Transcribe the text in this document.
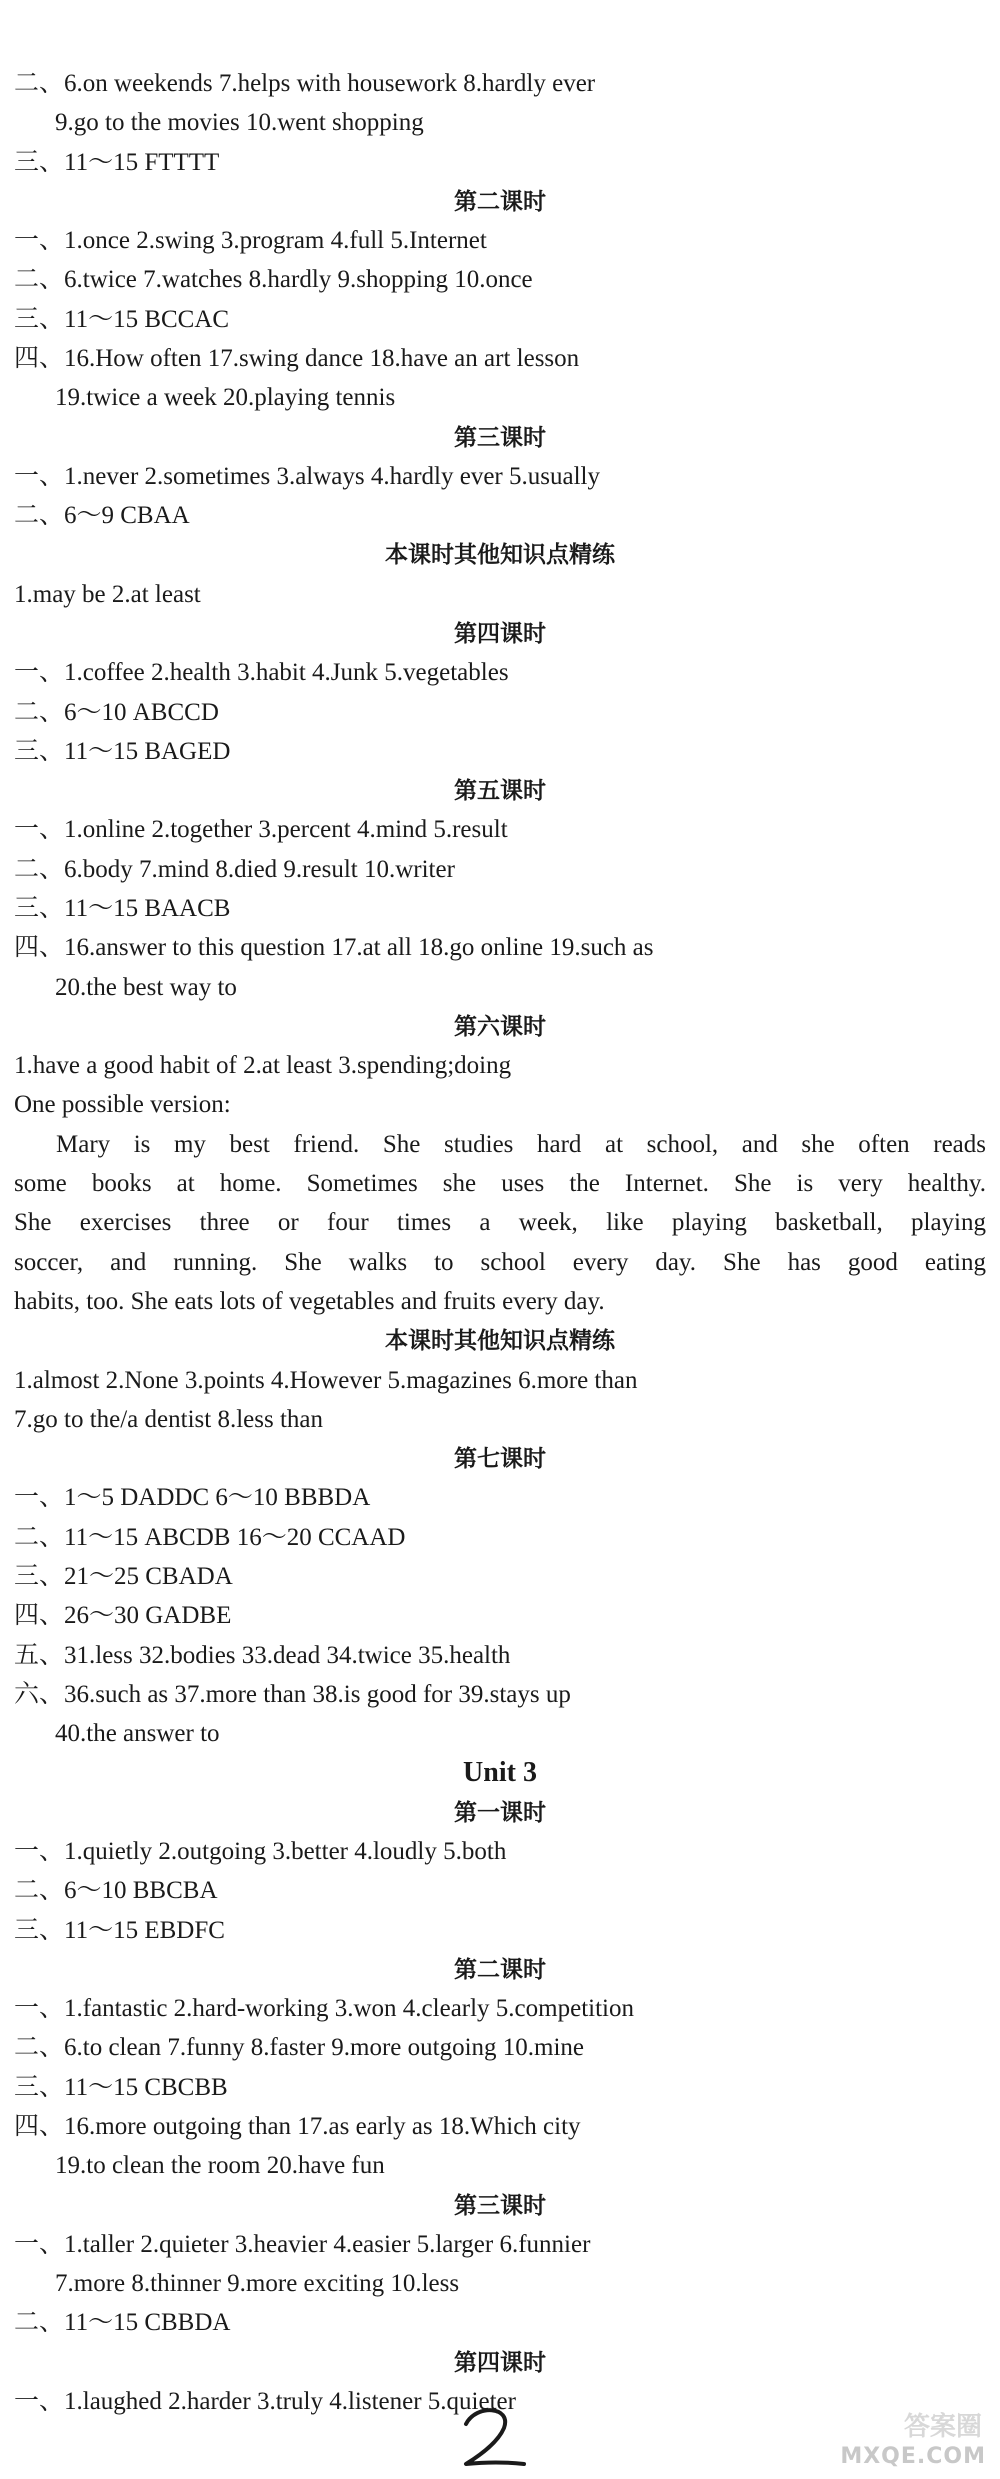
二、6.on weekends 7.helps with housework 8.hardly ever
9.go to the movies 10.went shopping
三、11～15 FTTTT
第二课时
一、1.once 2.swing 3.program 4.full 5.Internet
二、6.twice 7.watches 8.hardly 9.shopping 10.once
三、11～15 BCCAC
四、16.How often 17.swing dance 18.have an art lesson
19.twice a week 20.playing tennis
第三课时
一、1.never 2.sometimes 3.always 4.hardly ever 5.usually
二、6～9 CBAA
本课时其他知识点精练
1.may be 2.at least
第四课时
一、1.coffee 2.health 3.habit 4.Junk 5.vegetables
二、6～10 ABCCD
三、11～15 BAGED
第五课时
一、1.online 2.together 3.percent 4.mind 5.result
二、6.body 7.mind 8.died 9.result 10.writer
三、11～15 BAACB
四、16.answer to this question 17.at all 18.go online 19.such as
20.the best way to
第六课时
1.have a good habit of 2.at least 3.spending;doing
One possible version:
Mary is my best friend. She studies hard at school, and she often reads
some books at home. Sometimes she uses the Internet. She is very healthy.
She exercises three or four times a week, like playing basketball, playing
soccer, and running. She walks to school every day. She has good eating
habits, too. She eats lots of vegetables and fruits every day.
本课时其他知识点精练
1.almost 2.None 3.points 4.However 5.magazines 6.more than
7.go to the/a dentist 8.less than
第七课时
一、1～5 DADDC 6～10 BBBDA
二、11～15 ABCDB 16～20 CCAAD
三、21～25 CBADA
四、26～30 GADBE
五、31.less 32.bodies 33.dead 34.twice 35.health
六、36.such as 37.more than 38.is good for 39.stays up
40.the answer to
Unit 3
第一课时
一、1.quietly 2.outgoing 3.better 4.loudly 5.both
二、6～10 BBCBA
三、11～15 EBDFC
第二课时
一、1.fantastic 2.hard-working 3.won 4.clearly 5.competition
二、6.to clean 7.funny 8.faster 9.more outgoing 10.mine
三、11～15 CBCBB
四、16.more outgoing than 17.as early as 18.Which city
19.to clean the room 20.have fun
第三课时
一、1.taller 2.quieter 3.heavier 4.easier 5.larger 6.funnier
7.more 8.thinner 9.more exciting 10.less
二、11～15 CBBDA
第四课时
一、1.laughed 2.harder 3.truly 4.listener 5.quieter
答案圈
MXQE.COM
